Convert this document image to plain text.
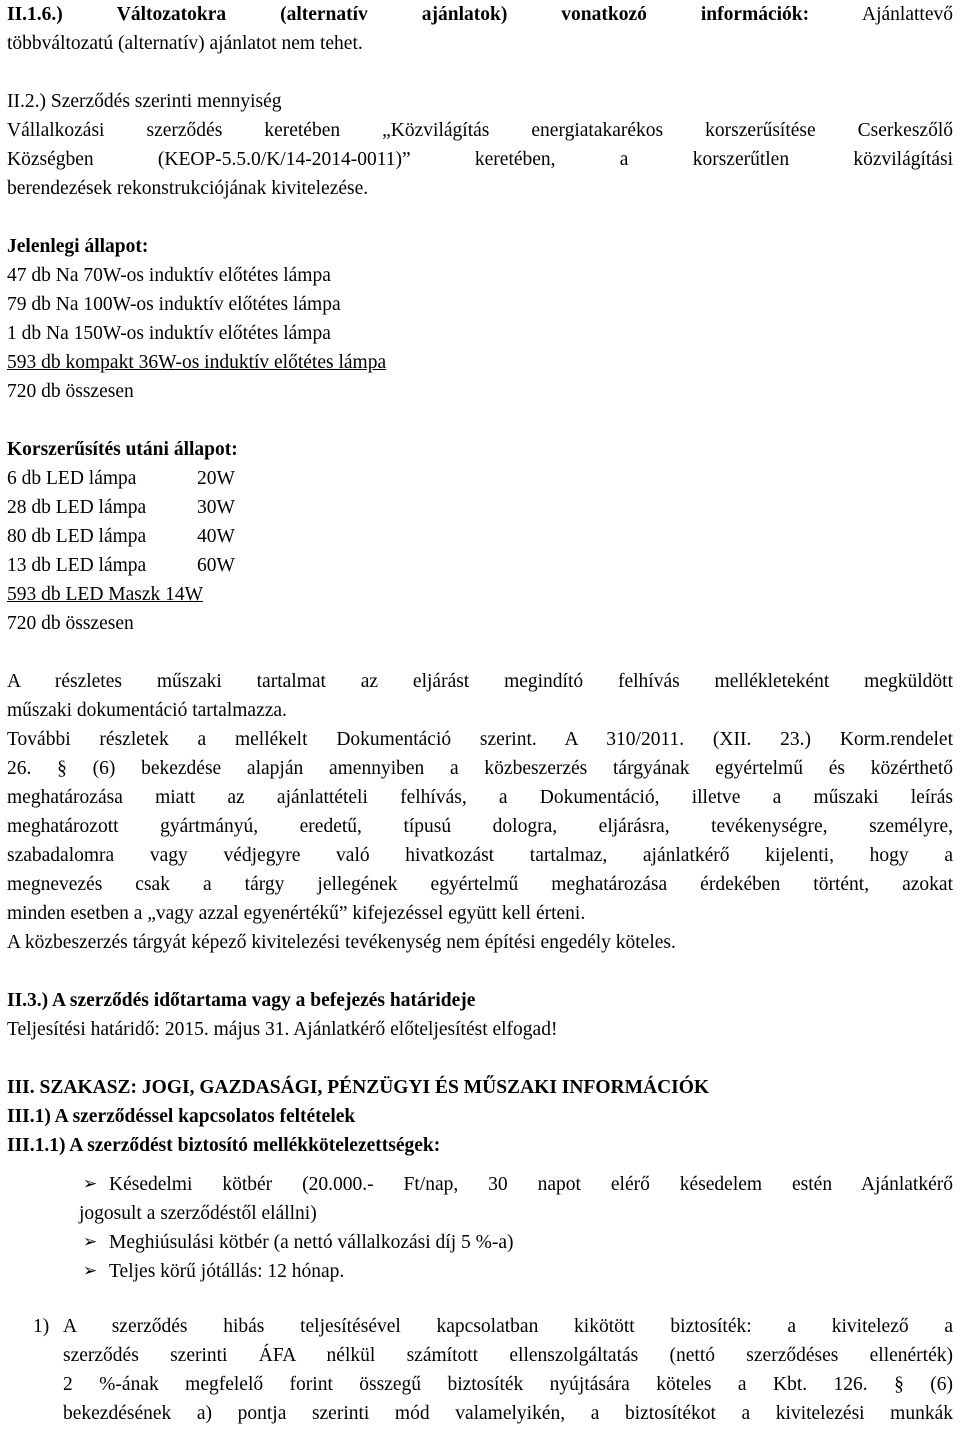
II.1.6.)	Változatokra (alternatív ajánlatok) vonatkozó információk:	Ajánlattevő

többváltozatú (alternatív) ajánlatot nem tehet.

II.2.) Szerződés szerinti mennyiség

Vállalkozási szerződés keretében „Közvilágítás energiatakarékos korszerűsítése Cserkeszőlő

Községben (KEOP-5.5.0/K/14-2014-0011)” keretében, a korszerűtlen közvilágítási

berendezések rekonstrukciójának kivitelezése.

Jelenlegi állapot:

47 db Na 70W-os induktív előtétes lámpa

79 db Na 100W-os induktív előtétes lámpa

1 db Na 150W-os induktív előtétes lámpa

593 db kompakt 36W-os induktív előtétes lámpa

720 db összesen

Korszerűsítés utáni állapot:

6 db LED lámpa	20W
28 db LED lámpa	30W
80 db LED lámpa	40W
13 db LED lámpa	60W

593 db LED Maszk 14W

720 db összesen

A részletes műszaki tartalmat az eljárást megindító felhívás mellékleteként megküldött

műszaki dokumentáció tartalmazza.

További részletek a mellékelt Dokumentáció szerint. A 310/2011. (XII. 23.) Korm.rendelet

26. § (6) bekezdése alapján amennyiben a közbeszerzés tárgyának egyértelmű és közérthető

meghatározása miatt az ajánlattételi felhívás, a Dokumentáció, illetve a műszaki leírás

meghatározott gyártmányú, eredetű, típusú dologra, eljárásra, tevékenységre, személyre,

szabadalomra vagy védjegyre való hivatkozást tartalmaz, ajánlatkérő kijelenti, hogy a

megnevezés csak a tárgy jellegének egyértelmű meghatározása érdekében történt, azokat

minden esetben a „vagy azzal egyenértékű” kifejezéssel együtt kell érteni.

A közbeszerzés tárgyát képező kivitelezési tevékenység nem építési engedély köteles.

II.3.) A szerződés időtartama vagy a befejezés határideje

Teljesítési határidő: 2015. május 31. Ajánlatkérő előteljesítést elfogad!

III. SZAKASZ: JOGI, GAZDASÁGI, PÉNZÜGYI ÉS MŰSZAKI INFORMÁCIÓK

III.1) A szerződéssel kapcsolatos feltételek

III.1.1) A szerződést biztosító mellékkötelezettségek:

➢ Késedelmi kötbér (20.000.- Ft/nap, 30 napot elérő késedelem estén Ajánlatkérő
jogosult a szerződéstől elállni)
➢ Meghiúsulási kötbér (a nettó vállalkozási díj 5 %-a)
➢ Teljes körű jótállás: 12 hónap.
1) A szerződés hibás teljesítésével kapcsolatban kikötött biztosíték: a kivitelező a
szerződés szerinti ÁFA nélkül számított ellenszolgáltatás (nettó szerződéses ellenérték)
2 %-ának megfelelő forint összegű biztosíték nyújtására köteles a Kbt. 126. § (6)
bekezdésének a) pontja szerinti mód valamelyikén, a biztosítékot a kivitelezési munkák
